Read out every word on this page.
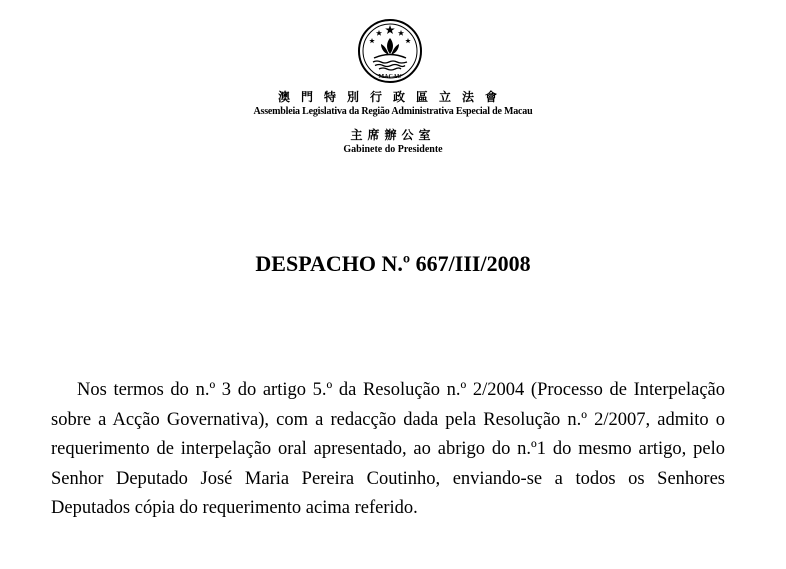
MACAU
澳門特別行政區立法會
Assembleia Legislativa da Região Administrativa Especial de Macau
主席辦公室
Gabinete do Presidente
DESPACHO N.º 667/III/2008

Nos termos do n.º 3 do artigo 5.º da Resolução n.º 2/2004 (Processo de Interpelação sobre a Acção Governativa), com a redacção dada pela Resolução n.º 2/2007, admito o requerimento de interpelação oral apresentado, ao abrigo do n.º1 do mesmo artigo, pelo Senhor Deputado José Maria Pereira Coutinho, enviando-se a todos os Senhores Deputados cópia do requerimento acima referido.
